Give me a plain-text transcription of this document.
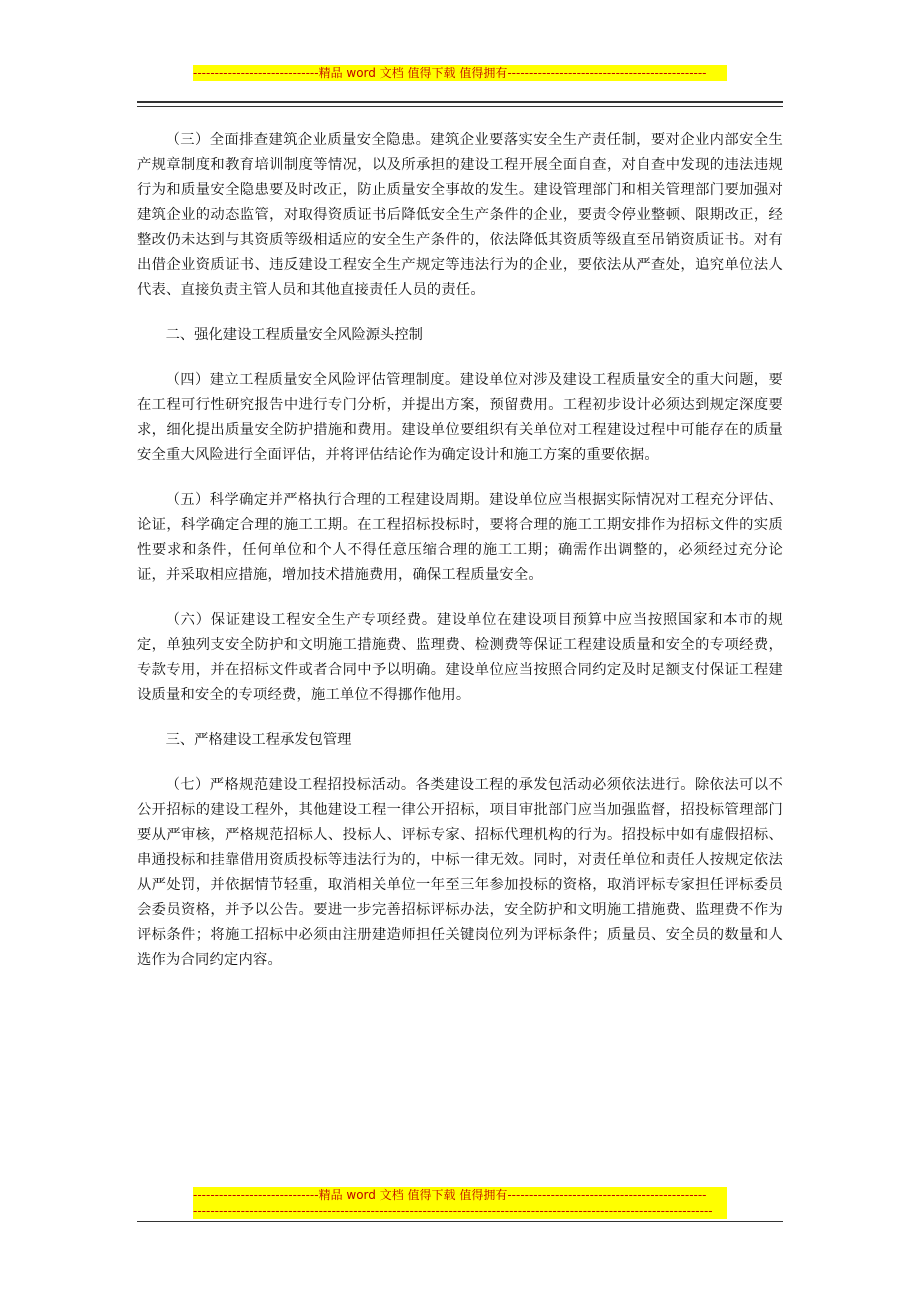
-----------------------------精品 word 文档 值得下载 值得拥有----------------------------------------------

（三）全面排查建筑企业质量安全隐患。建筑企业要落实安全生产责任制，要对企业内部安全生产规章制度和教育培训制度等情况，以及所承担的建设工程开展全面自查，对自查中发现的违法违规行为和质量安全隐患要及时改正，防止质量安全事故的发生。建设管理部门和相关管理部门要加强对建筑企业的动态监管，对取得资质证书后降低安全生产条件的企业，要责令停业整顿、限期改正，经整改仍未达到与其资质等级相适应的安全生产条件的，依法降低其资质等级直至吊销资质证书。对有出借企业资质证书、违反建设工程安全生产规定等违法行为的企业，要依法从严查处，追究单位法人代表、直接负责主管人员和其他直接责任人员的责任。

二、强化建设工程质量安全风险源头控制

（四）建立工程质量安全风险评估管理制度。建设单位对涉及建设工程质量安全的重大问题，要在工程可行性研究报告中进行专门分析，并提出方案，预留费用。工程初步设计必须达到规定深度要求，细化提出质量安全防护措施和费用。建设单位要组织有关单位对工程建设过程中可能存在的质量安全重大风险进行全面评估，并将评估结论作为确定设计和施工方案的重要依据。

（五）科学确定并严格执行合理的工程建设周期。建设单位应当根据实际情况对工程充分评估、论证，科学确定合理的施工工期。在工程招标投标时，要将合理的施工工期安排作为招标文件的实质性要求和条件，任何单位和个人不得任意压缩合理的施工工期；确需作出调整的，必须经过充分论证，并采取相应措施，增加技术措施费用，确保工程质量安全。

（六）保证建设工程安全生产专项经费。建设单位在建设项目预算中应当按照国家和本市的规定，单独列支安全防护和文明施工措施费、监理费、检测费等保证工程建设质量和安全的专项经费，专款专用，并在招标文件或者合同中予以明确。建设单位应当按照合同约定及时足额支付保证工程建设质量和安全的专项经费，施工单位不得挪作他用。

三、严格建设工程承发包管理

（七）严格规范建设工程招投标活动。各类建设工程的承发包活动必须依法进行。除依法可以不公开招标的建设工程外，其他建设工程一律公开招标，项目审批部门应当加强监督，招投标管理部门要从严审核，严格规范招标人、投标人、评标专家、招标代理机构的行为。招投标中如有虚假招标、串通投标和挂靠借用资质投标等违法行为的，中标一律无效。同时，对责任单位和责任人按规定依法从严处罚，并依据情节轻重，取消相关单位一年至三年参加投标的资格，取消评标专家担任评标委员会委员资格，并予以公告。要进一步完善招标评标办法，安全防护和文明施工措施费、监理费不作为评标条件；将施工招标中必须由注册建造师担任关键岗位列为评标条件；质量员、安全员的数量和人选作为合同约定内容。

-----------------------------精品 word 文档 值得下载 值得拥有----------------------------------------------
------------------------------------------------------------------------------------------------------------------------
